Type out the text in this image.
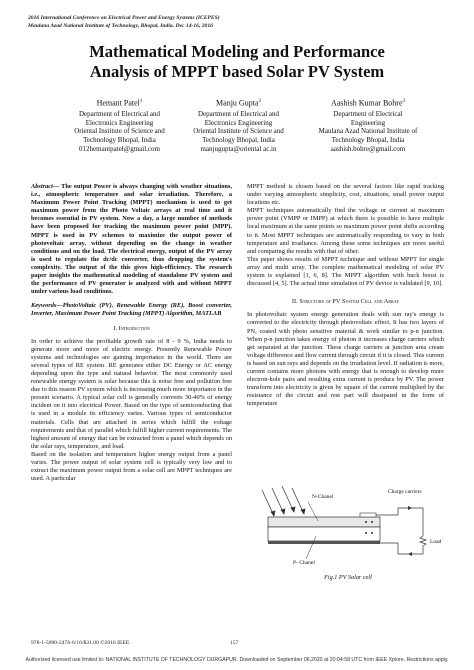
2016 International Conference on Electrical Power and Energy Systems (ICEPES)
Maulana Azad National Institute of Technology, Bhopal, India. Dec 14-16, 2016
Mathematical Modeling and Performance
Analysis of MPPT based Solar PV System
Hemant Patel$^1$
Department of Electrical and
Electronics Engineering
Oriental Institute of Science and
Technology Bhopal, India
012hemantpatel@gmail.com
Manju Gupta$^2$
Department of Electrical and
Electronics Engineering
Oriental Institute of Science and
Technology Bhopal, India
manjugupta@oriental ac.in
Aashish Kumar Bohre$^3$
Department of Electrical
Engineering
Maulana Azad National Institute of
Technology Bhopal, India
aashish.bohre@gmail.com

Abstract— The output Power is always changing with weather situations, i.e., atmospheric temperature and solar irradiation. Therefore, a Maximum Power Point Tracking (MPPT) mechanism is used to get maximum power from the Photo Voltaic arrays at real time and it becomes essential in PV system. Now a day, a large number of methods have been proposed for tracking the maximum power point (MPP). MPPT is used in PV schemes to maximize the output power of photovoltaic array, without depending on the change in weather conditions and on the load. The electrical energy, output of the PV array is used to regulate the dc/dc converter, thus dropping the system's complexity. The output of the this gives high-efficiency. The research paper insights the mathematical modeling of standalone PV system and the performance of PV generator is analyzed with and without MPPT under various load conditions.

Keywords—PhotoVoltaic (PV), Renewable Energy (RE), Boost converter, Inverter, Maximum Power Point Tracking (MPPT) Algorithm, MATLAB

I. Introduction

In order to achieve the profitable growth rate of 8 - 9 %, India needs to generate more and more of electric energy. Presently Renewable Power systems and technologies are gaining importance in the world. There are several types of RE system. RE generates either DC Energy or AC energy depending upon the type and natural behavior. The most commonly used renewable energy system is solar because this is noise free and pollution free due to this reason PV system which is increasing much more importance in the present scenario. A typical solar cell is generally converts 30-40% of energy incident on it into electrical Power. Based on the type of semiconducting that is used in a module its efficiency varies. Various types of semiconductor materials. Cells that are attached in series which fulfill the voltage requirements and that of parallel which fulfill higher current requirements. The highest amount of energy that can be extracted from a panel which depends on the solar rays, temperature, and load.

Based on the isolation and temperature higher energy output from a panel varies. The power output of solar system cell is typically very low and to extract the maximum power output from a solar cell are MPPT techniques are used. A particular

MPPT method is chosen based on the several factors like rapid tracking under varying atmospheric simplicity, cost, situations, small power output locations etc.

MPPT techniques automatically find the voltage or current at maximum power point (VMPP or IMPP) at which there is possible to have multiple local maximum at the same points so maximum power point shifts according to it. Most MPPT techniques are automatically responding to vary in both temperature and irradiance. Among these some techniques are more useful and comparing the results with that of other.

This paper shows results of MPPT technique and without MPPT for single array and multi array. The complete mathematical modeling of solar PV system is explained [1, 6, 8]. The MPPT algorithm with buck boost is discussed [4, 5]. The actual time simulation of PV device is validated [9, 10].

II. Structure of PV System Cell and Array

In photovoltaic system energy generation deals with sun ray's energy is converted to the electricity through photovoltaic effect. It has two layers of PN, coated with photo sensitive material & work similar to p-n junction. When p-n junction takes energy of photon it increases charge carriers which get separated at the junction. These charge carriers at junction area create voltage difference and flow current through circuit if it is closed. This current is based on sun rays and depends on the irradiation level. If radiation is more, current contains more photons with energy that is enough to develop more electron-hole pairs and resulting extra current is produce by PV. The power transform into electricity is given by square of the current multiplied by the resistance of the circuit and rest part will dissipated in the form of temperature

N-Chanel
Charge carriers
Load
P- Chanel
Fig.1 PV Solar cell
978-1-5090-2476-6/16/$31.00 ©2016 IEEE	157
Authorized licensed use limited to: NATIONAL INSTITUTE OF TECHNOLOGY DURGAPUR. Downloaded on September 06,2020 at 20:04:58 UTC from IEEE Xplore. Restrictions apply.
